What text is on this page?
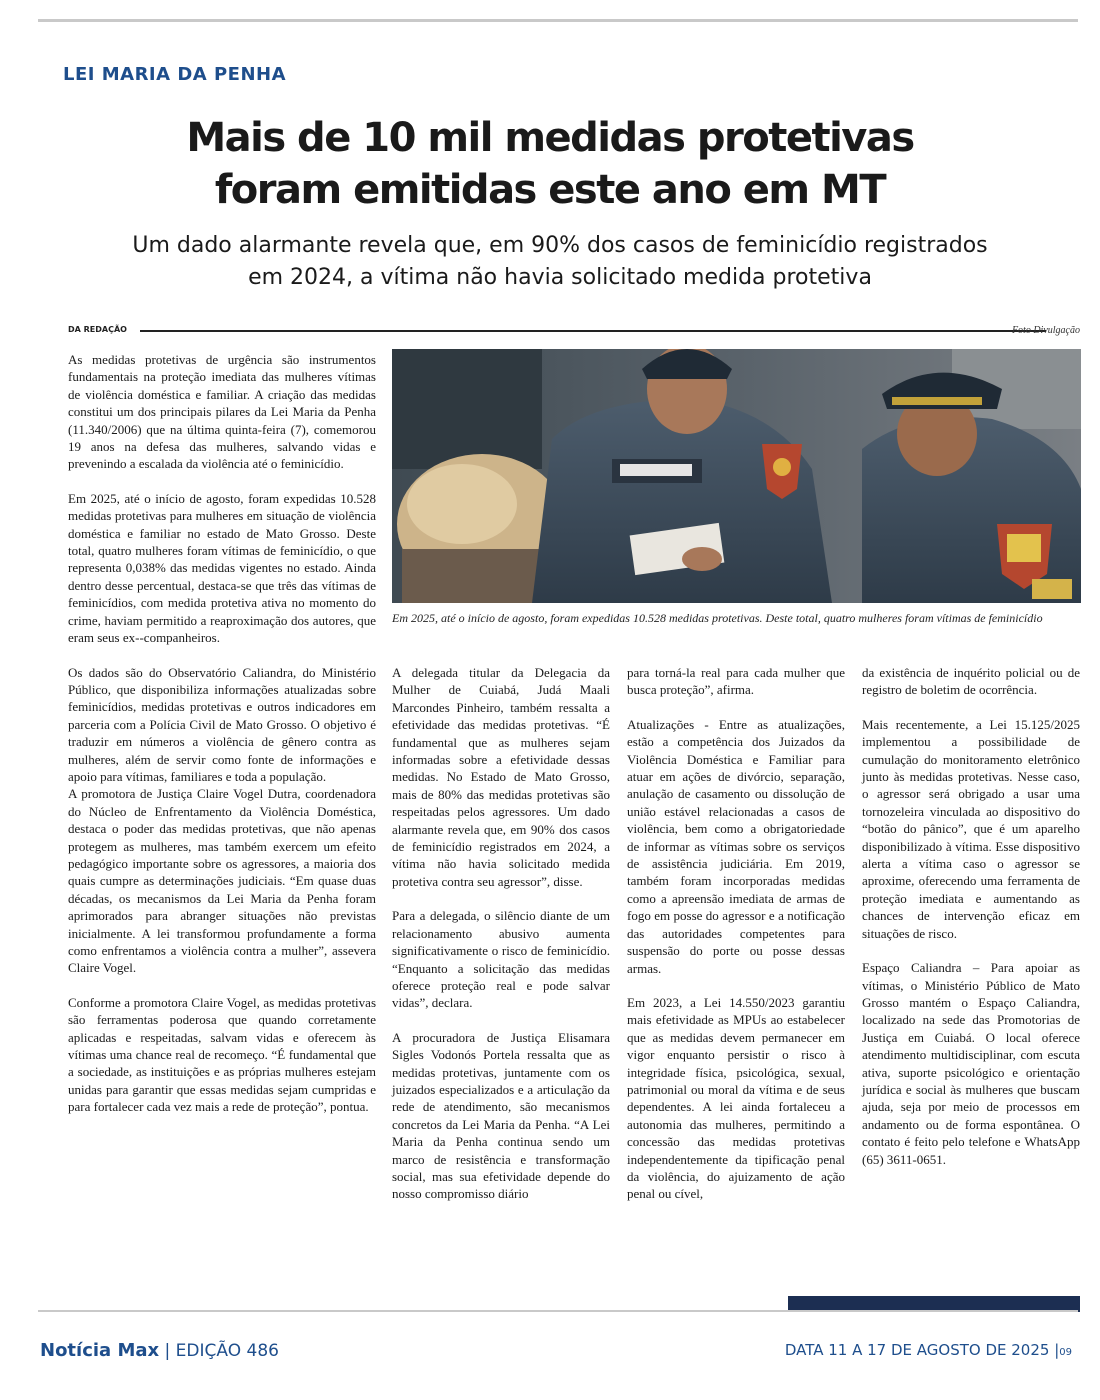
LEI MARIA DA PENHA
Mais de 10 mil medidas protetivas
foram emitidas este ano em MT

Um dado alarmante revela que, em 90% dos casos de feminicídio registrados
em 2024, a vítima não havia solicitado medida protetiva

DA REDAÇÃO	Foto Divulgação

As medidas protetivas de urgência são instrumentos fundamentais na proteção imediata das mulheres vítimas de violência doméstica e familiar. A criação das medidas constitui um dos principais pilares da Lei Maria da Penha (11.340/2006) que na última quinta-feira (7), comemorou 19 anos na defesa das mulheres, salvando vidas e prevenindo a escalada da violência até o feminicídio.

Em 2025, até o início de agosto, foram expedidas 10.528 medidas protetivas para mulheres em situação de violência doméstica e familiar no estado de Mato Grosso. Deste total, quatro mulheres foram vítimas de feminicídio, o que representa 0,038% das medidas vigentes no estado. Ainda dentro desse percentual, destaca-se que três das vítimas de feminicídios, com medida protetiva ativa no momento do crime, haviam permitido a reaproximação dos autores, que eram seus ex--companheiros.

Os dados são do Observatório Caliandra, do Ministério Público, que disponibiliza informações atualizadas sobre feminicídios, medidas protetivas e outros indicadores em parceria com a Polícia Civil de Mato Grosso. O objetivo é traduzir em números a violência de gênero contra as mulheres, além de servir como fonte de informações e apoio para vítimas, familiares e toda a população.

A promotora de Justiça Claire Vogel Dutra, coordenadora do Núcleo de Enfrentamento da Violência Doméstica, destaca o poder das medidas protetivas, que não apenas protegem as mulheres, mas também exercem um efeito pedagógico importante sobre os agressores, a maioria dos quais cumpre as determinações judiciais. “Em quase duas décadas, os mecanismos da Lei Maria da Penha foram aprimorados para abranger situações não previstas inicialmente. A lei transformou profundamente a forma como enfrentamos a violência contra a mulher”, assevera Claire Vogel.

Conforme a promotora Claire Vogel, as medidas protetivas são ferramentas poderosa que quando corretamente aplicadas e respeitadas, salvam vidas e oferecem às vítimas uma chance real de recomeço. “É fundamental que a sociedade, as instituições e as próprias mulheres estejam unidas para garantir que essas medidas sejam cumpridas e para fortalecer cada vez mais a rede de proteção”, pontua.

Em 2025, até o início de agosto, foram expedidas 10.528 medidas protetivas. Deste total, quatro mulheres foram vítimas de feminicídio

A delegada titular da Delegacia da Mulher de Cuiabá, Judá Maali Marcondes Pinheiro, também ressalta a efetividade das medidas protetivas. “É fundamental que as mulheres sejam informadas sobre a efetividade dessas medidas. No Estado de Mato Grosso, mais de 80% das medidas protetivas são respeitadas pelos agressores. Um dado alarmante revela que, em 90% dos casos de feminicídio registrados em 2024, a vítima não havia solicitado medida protetiva contra seu agressor”, disse.

Para a delegada, o silêncio diante de um relacionamento abusivo aumenta significativamente o risco de feminicídio. “Enquanto a solicitação das medidas oferece proteção real e pode salvar vidas”, declara.

A procuradora de Justiça Elisamara Sigles Vodonós Portela ressalta que as medidas protetivas, juntamente com os juizados especializados e a articulação da rede de atendimento, são mecanismos concretos da Lei Maria da Penha. “A Lei Maria da Penha continua sendo um marco de resistência e transformação social, mas sua efetividade depende do nosso compromisso diário

para torná-la real para cada mulher que busca proteção”, afirma.

Atualizações - Entre as atualizações, estão a competência dos Juizados da Violência Doméstica e Familiar para atuar em ações de divórcio, separação, anulação de casamento ou dissolução de união estável relacionadas a casos de violência, bem como a obrigatoriedade de informar as vítimas sobre os serviços de assistência judiciária. Em 2019, também foram incorporadas medidas como a apreensão imediata de armas de fogo em posse do agressor e a notificação das autoridades competentes para suspensão do porte ou posse dessas armas.

Em 2023, a Lei 14.550/2023 garantiu mais efetividade as MPUs ao estabelecer que as medidas devem permanecer em vigor enquanto persistir o risco à integridade física, psicológica, sexual, patrimonial ou moral da vítima e de seus dependentes. A lei ainda fortaleceu a autonomia das mulheres, permitindo a concessão das medidas protetivas independentemente da tipificação penal da violência, do ajuizamento de ação penal ou cível,

da existência de inquérito policial ou de registro de boletim de ocorrência.

Mais recentemente, a Lei 15.125/2025 implementou a possibilidade de cumulação do monitoramento eletrônico junto às medidas protetivas. Nesse caso, o agressor será obrigado a usar uma tornozeleira vinculada ao dispositivo do “botão do pânico”, que é um aparelho disponibilizado à vítima. Esse dispositivo alerta a vítima caso o agressor se aproxime, oferecendo uma ferramenta de proteção imediata e aumentando as chances de intervenção eficaz em situações de risco.

Espaço Caliandra – Para apoiar as vítimas, o Ministério Público de Mato Grosso mantém o Espaço Caliandra, localizado na sede das Promotorias de Justiça em Cuiabá. O local oferece atendimento multidisciplinar, com escuta ativa, suporte psicológico e orientação jurídica e social às mulheres que buscam ajuda, seja por meio de processos em andamento ou de forma espontânea. O contato é feito pelo telefone e WhatsApp (65) 3611-0651.

Notícia Max | EDIÇÃO 486	DATA 11 A 17 DE AGOSTO DE 2025 |09
